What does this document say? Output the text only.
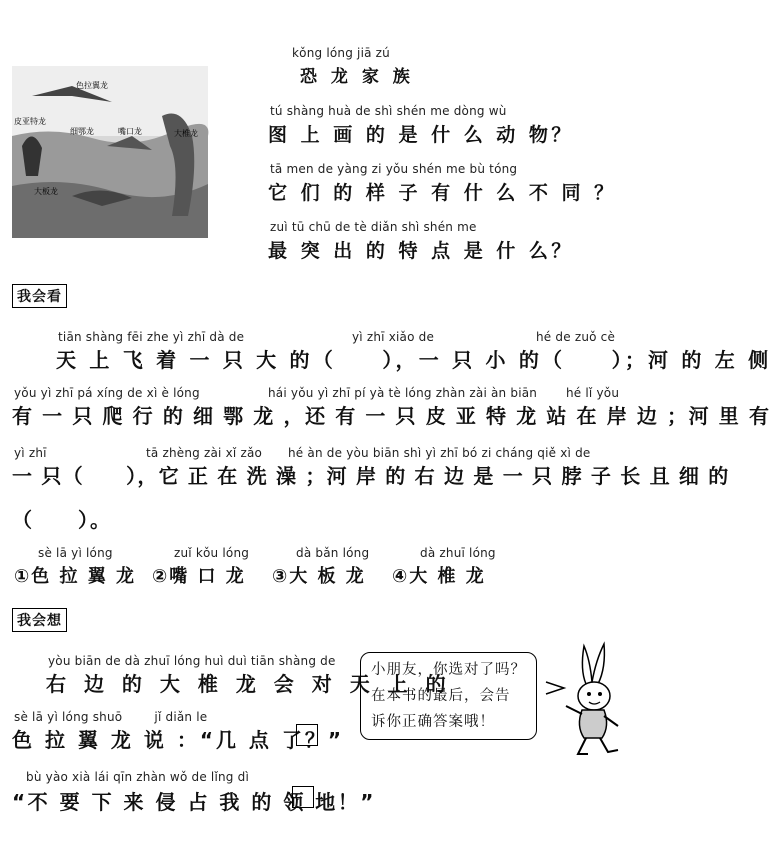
色拉翼龙
皮亚特龙
细鄂龙	嘴口龙
大板龙
大椎龙
kǒng lóng jiā zú
恐 龙 家 族
tú shàng huà de shì shén me dòng wù
图 上 画 的 是 什 么 动 物？
tā men de yàng zi yǒu shén me bù tóng
它 们 的 样 子 有 什 么 不 同 ？
zuì tū chū de tè diǎn shì shén me
最 突 出 的 特 点 是 什 么？
我会看
tiān shàng fēi zhe yì zhī dà de	yì zhī xiǎo de	hé de zuǒ cè
天 上 飞 着 一 只 大 的（　　），一 只 小 的（　　）；河 的 左 侧
yǒu yì zhī pá xíng de xì è lóng	hái yǒu yì zhī pí yà tè lóng zhàn zài àn biān hé lǐ yǒu
有 一 只 爬 行 的 细 鄂 龙 ，还 有 一 只 皮 亚 特 龙 站 在 岸 边 ；河 里 有
yì zhī	tā zhèng zài xǐ zǎo hé àn de yòu biān shì yì zhī bó zi cháng qiě xì de
一 只（　　），它 正 在 洗 澡 ；河 岸 的 右 边 是 一 只 脖 子 长 且 细 的
（　　）。
sè lā yì lóng	zuǐ kǒu lóng	dà bǎn lóng	dà zhuī lóng
①色 拉 翼 龙 ②嘴 口 龙 ③大 板 龙 ④大 椎 龙
我会想
yòu biān de dà zhuī lóng huì duì tiān shàng de
右 边 的 大 椎 龙 会 对 天 上 的
sè lā yì lóng shuō        jǐ diǎn le
色 拉 翼 龙 说 ：“几 点 了？”
bù yào xià lái qīn zhàn wǒ de lǐng dì
“不 要 下 来 侵 占 我 的 领 地！”
小朋友，你选对了吗？
在本书的最后，会告
诉你正确答案哦！
